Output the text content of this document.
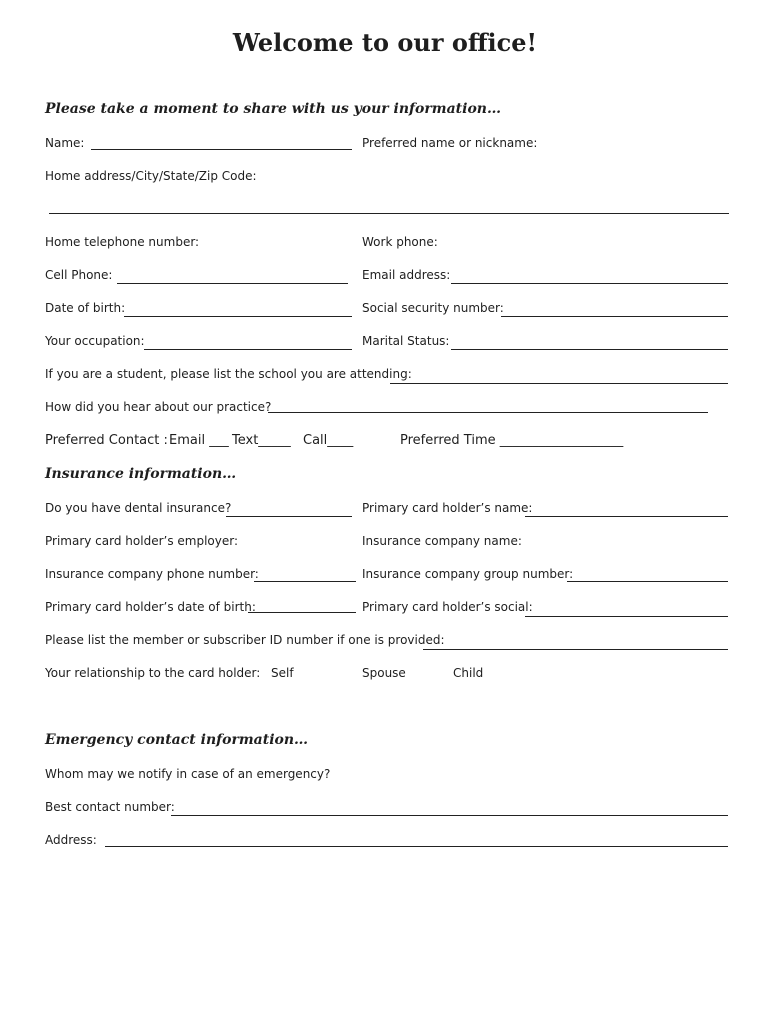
Welcome to our office!
Please take a moment to share with us your information…
Name:	Preferred name or nickname:
Home address/City/State/Zip Code:
Home telephone number:	Work phone:
Cell Phone:	Email address:
Date of birth:	Social security number:
Your occupation:	Marital Status:
If you are a student, please list the school you are attending:
How did you hear about our practice?
Preferred Contact : Email ___ Text_____ Call____	Preferred Time ___________________
Insurance information…
Do you have dental insurance?	Primary card holder’s name:
Primary card holder’s employer:	Insurance company name:
Insurance company phone number:	Insurance company group number:
Primary card holder’s date of birth:	Primary card holder’s social:
Please list the member or subscriber ID number if one is provided:
Your relationship to the card holder: Self	Spouse	Child
Emergency contact information…
Whom may we notify in case of an emergency?
Best contact number:
Address:
